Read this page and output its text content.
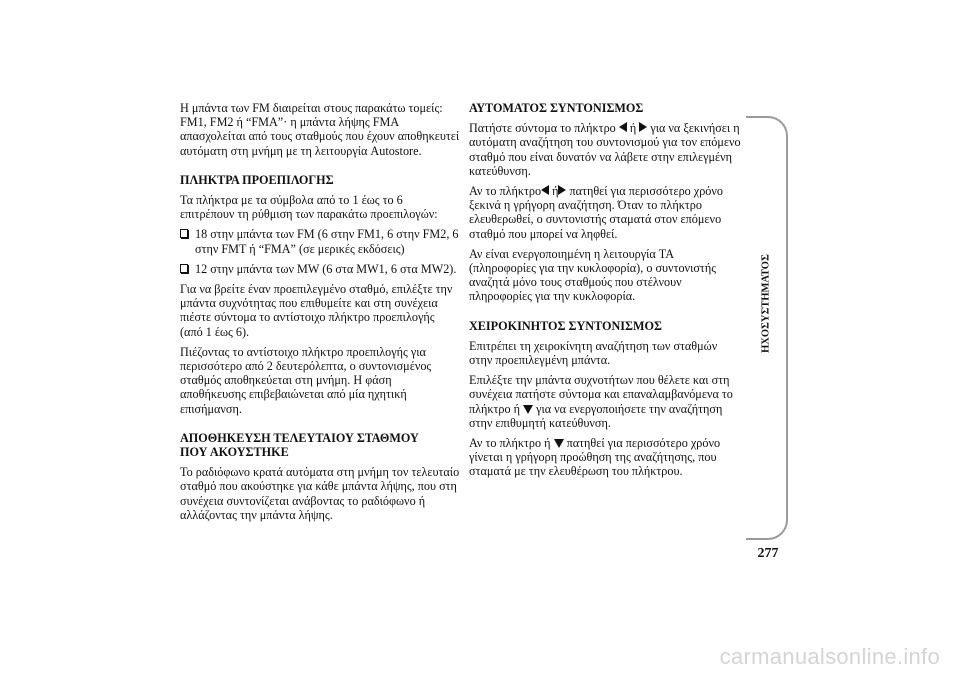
Η μπάντα των FM διαιρείται στους παρακάτω τομείς: FM1, FM2 ή “FMA”· η μπάντα λήψης FMA απασχολείται από τους σταθμούς που έχουν αποθηκευτεί αυτόματη στη μνήμη με τη λειτουργία Autostore.

ΠΛΗΚΤΡΑ ΠΡΟΕΠΙΛΟΓΗΣ

Τα πλήκτρα με τα σύμβολα από το 1 έως το 6 επιτρέπουν τη ρύθμιση των παρακάτω προεπιλογών:

18 στην μπάντα των FM (6 στην FM1, 6 στην FM2, 6 στην FMT ή “FMA” (σε μερικές εκδόσεις)
12 στην μπάντα των MW (6 στα MW1, 6 στα MW2).

Για να βρείτε έναν προεπιλεγμένο σταθμό, επιλέξτε την μπάντα συχνότητας που επιθυμείτε και στη συνέχεια πιέστε σύντομα το αντίστοιχο πλήκτρο προεπιλογής (από 1 έως 6).

Πιέζοντας το αντίστοιχο πλήκτρο προεπιλογής για περισσότερο από 2 δευτερόλεπτα, ο συντονισμένος σταθμός αποθηκεύεται στη μνήμη. Η φάση αποθήκευσης επιβεβαιώνεται από μία ηχητική επισήμανση.

ΑΠΟΘΗΚΕΥΣΗ ΤΕΛΕΥΤΑΙΟΥ ΣΤΑΘΜΟΥ
ΠΟΥ ΑΚΟΥΣΤΗΚΕ

Το ραδιόφωνο κρατά αυτόματα στη μνήμη τον τελευταίο σταθμό που ακούστηκε για κάθε μπάντα λήψης, που στη συνέχεια συντονίζεται ανάβοντας το ραδιόφωνο ή αλλάζοντας την μπάντα λήψης.

ΑΥΤΟΜΑΤΟΣ ΣΥΝΤΟΝΙΣΜΟΣ

Πατήστε σύντομα το πλήκτρο ή για να ξεκινήσει η αυτόματη αναζήτηση του συντονισμού για τον επόμενο σταθμό που είναι δυνατόν να λάβετε στην επιλεγμένη κατεύθυνση.

Αν το πλήκτρο ή πατηθεί για περισσότερο χρόνο ξεκινά η γρήγορη αναζήτηση. Όταν το πλήκτρο ελευθερωθεί, ο συντονιστής σταματά στον επόμενο σταθμό που μπορεί να ληφθεί.

Αν είναι ενεργοποιημένη η λειτουργία TA (πληροφορίες για την κυκλοφορία), ο συντονιστής αναζητά μόνο τους σταθμούς που στέλνουν πληροφορίες για την κυκλοφορία.

ΧΕΙΡΟΚΙΝΗΤΟΣ ΣΥΝΤΟΝΙΣΜΟΣ

Επιτρέπει τη χειροκίνητη αναζήτηση των σταθμών στην προεπιλεγμένη μπάντα.

Επιλέξτε την μπάντα συχνοτήτων που θέλετε και στη συνέχεια πατήστε σύντομα και επαναλαμβανόμενα το πλήκτρο ή για να ενεργοποιήσετε την αναζήτηση στην επιθυμητή κατεύθυνση.

Αν το πλήκτρο ή πατηθεί για περισσότερο χρόνο γίνεται η γρήγορη προώθηση της αναζήτησης, που σταματά με την ελευθέρωση του πλήκτρου.

ΗΧΟΣΥΣΤΗΜΑΤΟΣ
277
carmanualsonline.info
